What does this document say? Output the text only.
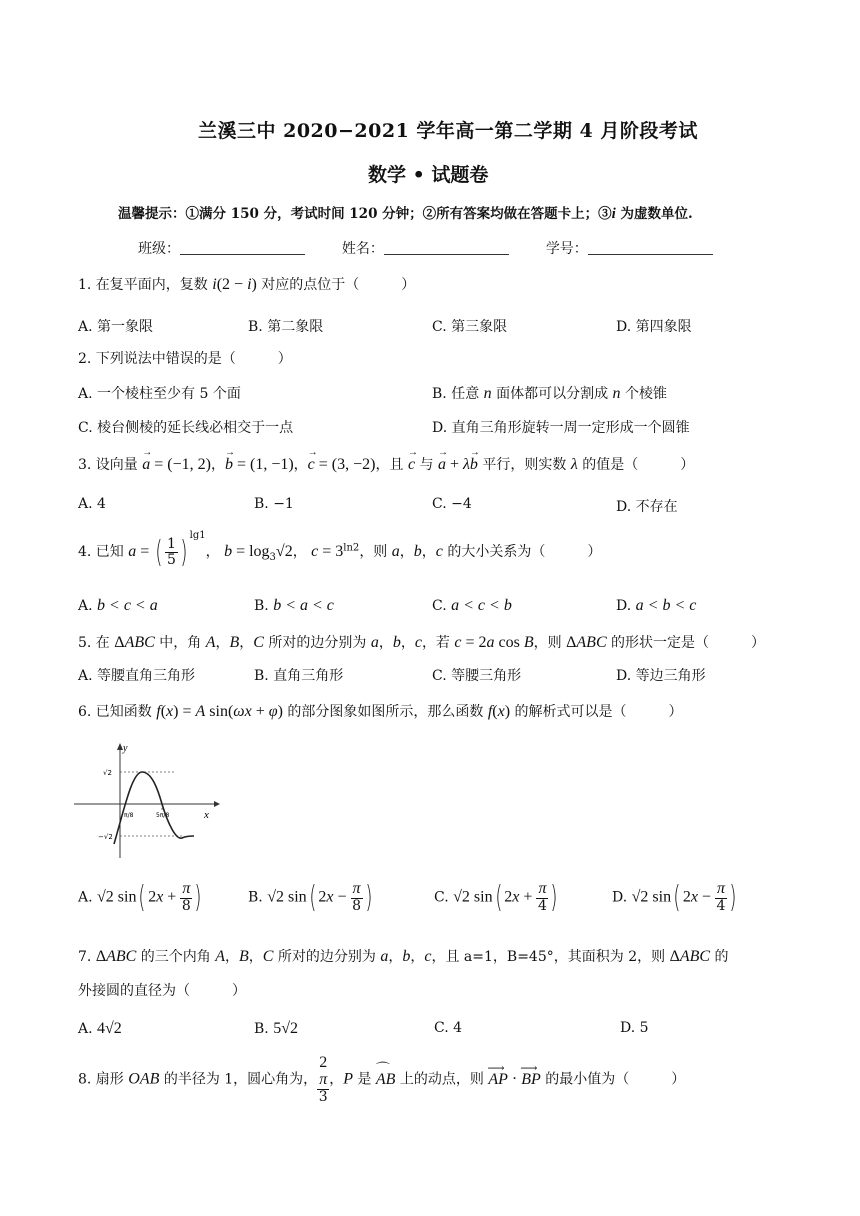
兰溪三中 2020−2021 学年高一第二学期 4 月阶段考试
数学 • 试题卷
温馨提示：①满分 150 分，考试时间 120 分钟；②所有答案均做在答题卡上；③i 为虚数单位.
班级：	姓名：	学号：
1. 在复平面内，复数 i(2 − i) 对应的点位于（　　　）
A. 第一象限	B. 第二象限	C. 第三象限	D. 第四象限
2. 下列说法中错误的是（　　　）
A. 一个棱柱至少有 5 个面	B. 任意 n 面体都可以分割成 n 个棱锥
C. 棱台侧棱的延长线必相交于一点	D. 直角三角形旋转一周一定形成一个圆锥
3. 设向量 → a = (−1, 2)，→ b = (1, −1)，→ c = (3, −2)，且 → c 与 → a + λ→ b 平行，则实数 λ 的值是（　　　）
A. 4	B. −1	C. −4	D. 不存在
4. 已知 a = ( $\frac{1}{5}$ ) $^{lg1}$， $b = \log_3√2$， $c = 3^{ln2}$，则 a，b，c 的大小关系为（　　　）
A. b < c < a	B. b < a < c	C. a < c < b	D. a < b < c
5. 在 ΔABC 中，角 A，B，C 所对的边分别为 a，b，c，若 c = 2a cos B，则 ΔABC 的形状一定是（　　　）
A. 等腰直角三角形	B. 直角三角形	C. 等腰三角形	D. 等边三角形
6. 已知函数 f(x) = A sin(ωx + φ) 的部分图象如图所示，那么函数 f(x) 的解析式可以是（　　　）
y
x
√2
−√2
π/8	5π/8
A. √2 sin( $2x + \frac{\pi}{8}$ )	B. √2 sin( $2x - \frac{\pi}{8}$ )	C. √2 sin( $2x + \frac{\pi}{4}$ )	D. √2 sin( $2x - \frac{\pi}{4}$ )
7. ΔABC 的三个内角 A，B，C 所对的边分别为 a，b，c，且 a=1，B=45°，其面积为 2，则 ΔABC 的
外接圆的直径为（　　　）
A. 4√2	B. 5√2	C. 4	D. 5
8. 扇形 OAB 的半径为 1，圆心角为， 2
π
3 ，P 是 ⌒ AB 上的动点，则 ⟶ AP · ⟶ BP 的最小值为（　　　）
